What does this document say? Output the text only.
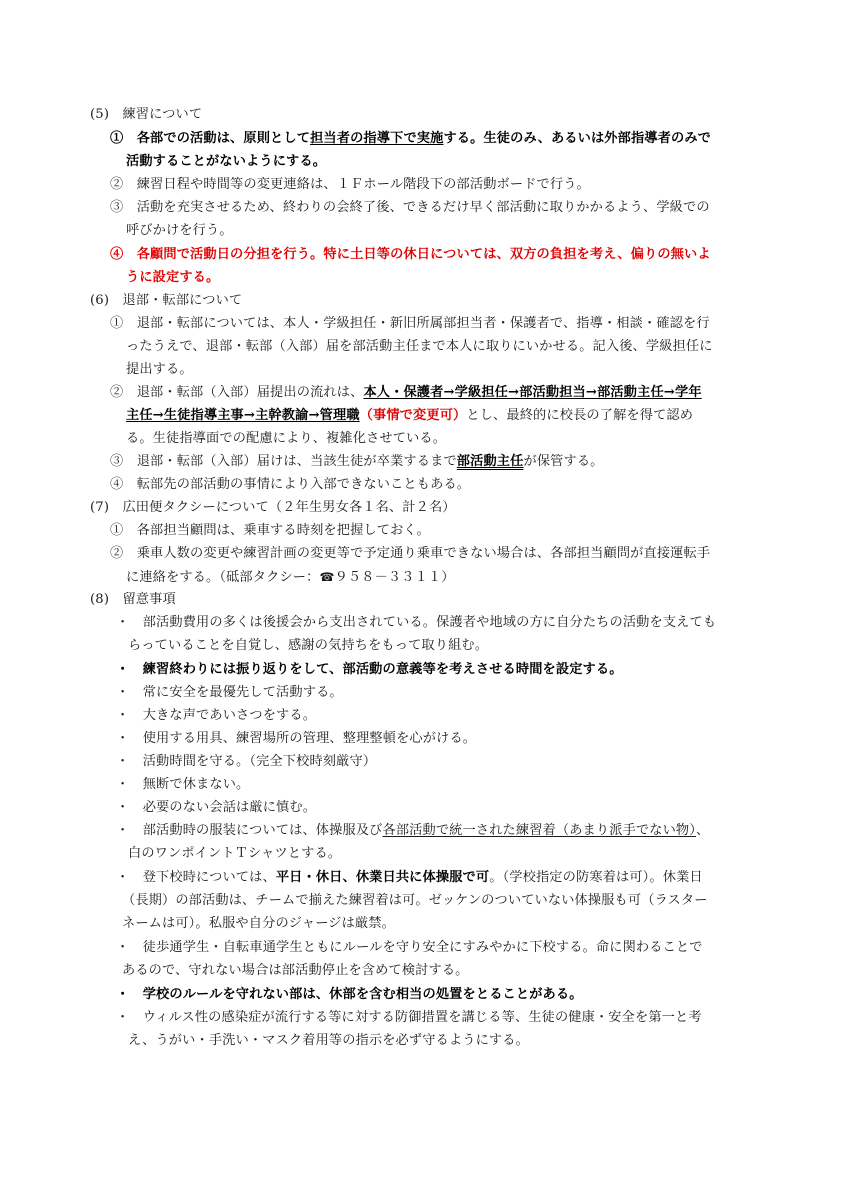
(5)　練習について
①　 各部での活動は、原則として担当者の指導下で実施する。生徒のみ、あるいは外部指導者のみで
活動することがないようにする。
②　 練習日程や時間等の変更連絡は、１Ｆホール階段下の部活動ボードで行う。
③　 活動を充実させるため、終わりの会終了後、できるだけ早く部活動に取りかかるよう、学級での
呼びかけを行う。
④　 各顧問で活動日の分担を行う。特に土日等の休日については、双方の負担を考え、偏りの無いよ
うに設定する。
(6)　退部・転部について
①　 退部・転部については、本人・学級担任・新旧所属部担当者・保護者で、指導・相談・確認を行
ったうえで、退部・転部（入部）届を部活動主任まで本人に取りにいかせる。記入後、学級担任に
提出する。
②　 退部・転部（入部）届提出の流れは、本人・保護者→学級担任→部活動担当→部活動主任→学年
主任→生徒指導主事→主幹教諭→管理職（事情で変更可）とし、最終的に校長の了解を得て認め
る。生徒指導面での配慮により、複雑化させている。
③　 退部・転部（入部）届けは、当該生徒が卒業するまで部活動主任が保管する。
④　 転部先の部活動の事情により入部できないこともある。
(7)　広田便タクシーについて（２年生男女各１名、計２名）
①　 各部担当顧問は、乗車する時刻を把握しておく。
②　 乗車人数の変更や練習計画の変更等で予定通り乗車できない場合は、各部担当顧問が直接運転手
に連絡をする。（砥部タクシー：☎９５８－３３１１）
(8)　留意事項
・　 部活動費用の多くは後援会から支出されている。保護者や地域の方に自分たちの活動を支えても
らっていることを自覚し、感謝の気持ちをもって取り組む。
・　 練習終わりには振り返りをして、部活動の意義等を考えさせる時間を設定する。
・　 常に安全を最優先して活動する。
・　 大きな声であいさつをする。
・　 使用する用具、練習場所の管理、整理整頓を心がける。
・　 活動時間を守る。（完全下校時刻厳守）
・　 無断で休まない。
・　 必要のない会話は厳に慎む。
・　 部活動時の服装については、体操服及び各部活動で統一された練習着（あまり派手でない物）、
白のワンポイントＴシャツとする。
・　 登下校時については、平日・休日、休業日共に体操服で可。（学校指定の防寒着は可）。休業日
（長期）の部活動は、チームで揃えた練習着は可。ゼッケンのついていない体操服も可（ラスター
ネームは可）。私服や自分のジャージは厳禁。
・　 徒歩通学生・自転車通学生ともにルールを守り安全にすみやかに下校する。命に関わることで
あるので、守れない場合は部活動停止を含めて検討する。
・　 学校のルールを守れない部は、休部を含む相当の処置をとることがある。
・　 ウィルス性の感染症が流行する等に対する防御措置を講じる等、生徒の健康・安全を第一と考
え、うがい・手洗い・マスク着用等の指示を必ず守るようにする。
